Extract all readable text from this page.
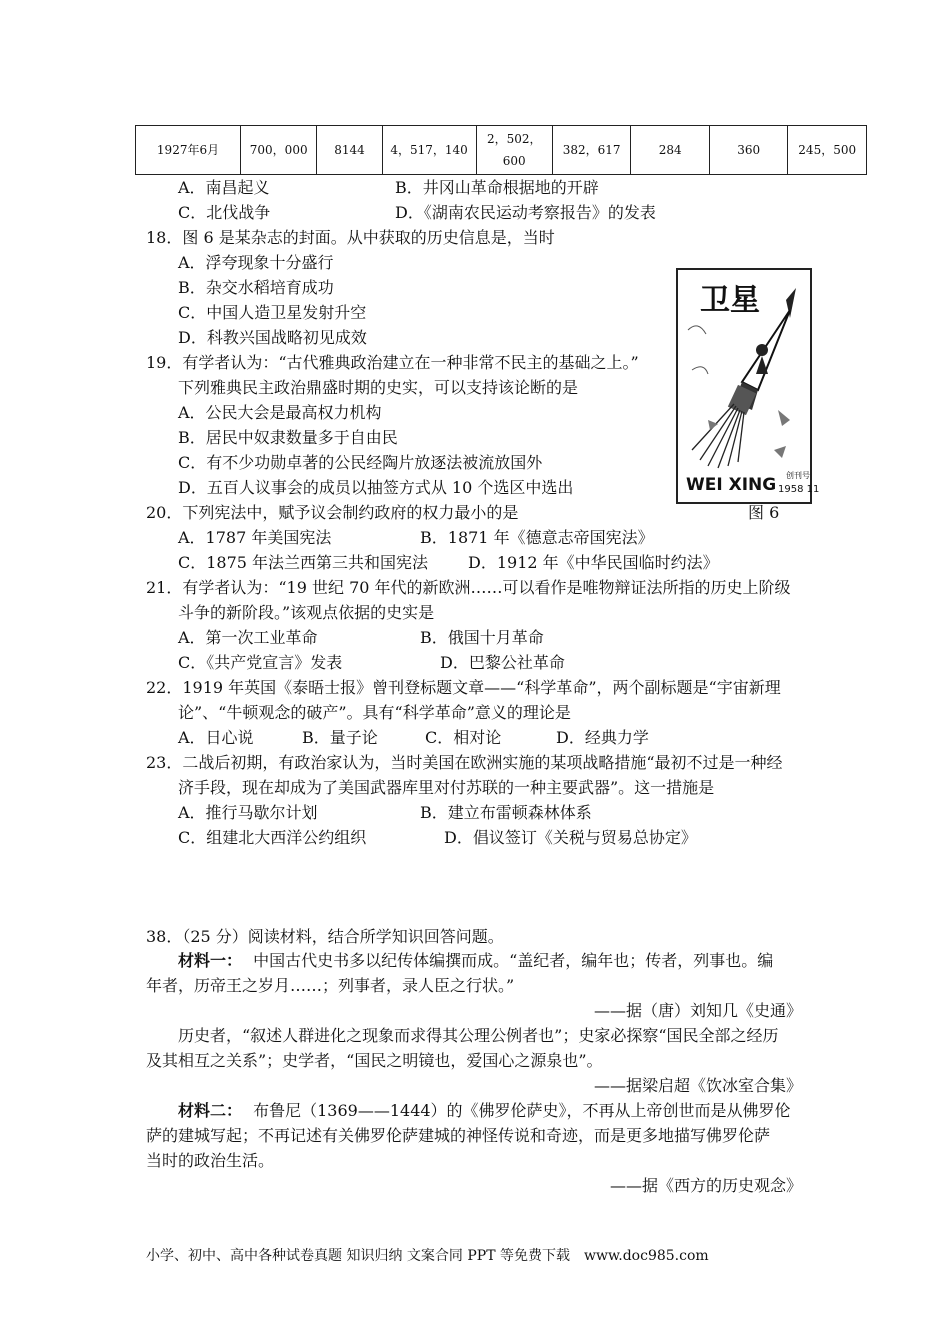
1927年6月	700，000	8144	4，517，140	2，502，600	382，617	284	360	245，500
A．南昌起义	B．井冈山革命根据地的开辟
C．北伐战争	D．《湖南农民运动考察报告》的发表
18．图 6 是某杂志的封面。从中获取的历史信息是，当时
A．浮夸现象十分盛行
B．杂交水稻培育成功
C．中国人造卫星发射升空
D．科教兴国战略初见成效
卫星
WEI XING 创刊号
1958 11
图 6
19．有学者认为：“古代雅典政治建立在一种非常不民主的基础之上。”
下列雅典民主政治鼎盛时期的史实，可以支持该论断的是
A．公民大会是最高权力机构
B．居民中奴隶数量多于自由民
C．有不少功勋卓著的公民经陶片放逐法被流放国外
D．五百人议事会的成员以抽签方式从 10 个选区中选出
20．下列宪法中，赋予议会制约政府的权力最小的是
A．1787 年美国宪法	B．1871 年《德意志帝国宪法》
C．1875 年法兰西第三共和国宪法 D．1912 年《中华民国临时约法》
21．有学者认为：“19 世纪 70 年代的新欧洲……可以看作是唯物辩证法所指的历史上阶级
斗争的新阶段。”该观点依据的史实是
A．第一次工业革命	B．俄国十月革命
C．《共产党宣言》发表	D．巴黎公社革命
22．1919 年英国《泰晤士报》曾刊登标题文章——“科学革命”，两个副标题是“宇宙新理
论”、“牛顿观念的破产”。具有“科学革命”意义的理论是
A．日心说	B．量子论	C．相对论	D．经典力学
23．二战后初期，有政治家认为，当时美国在欧洲实施的某项战略措施“最初不过是一种经
济手段，现在却成为了美国武器库里对付苏联的一种主要武器”。这一措施是
A．推行马歇尔计划	B．建立布雷顿森林体系
C．组建北大西洋公约组织	D．倡议签订《关税与贸易总协定》
38．（25 分）阅读材料，结合所学知识回答问题。
材料一： 中国古代史书多以纪传体编撰而成。“盖纪者，编年也；传者，列事也。编
年者，历帝王之岁月……；列事者，录人臣之行状。”
——据（唐）刘知几《史通》
历史者，“叙述人群进化之现象而求得其公理公例者也”；史家必探察“国民全部之经历
及其相互之关系”；史学者，“国民之明镜也，爱国心之源泉也”。
——据梁启超《饮冰室合集》
材料二： 布鲁尼（1369——1444）的《佛罗伦萨史》，不再从上帝创世而是从佛罗伦
萨的建城写起；不再记述有关佛罗伦萨建城的神怪传说和奇迹，而是更多地描写佛罗伦萨
当时的政治生活。
——据《西方的历史观念》
小学、初中、高中各种试卷真题 知识归纳 文案合同 PPT 等免费下载　www.doc985.com
